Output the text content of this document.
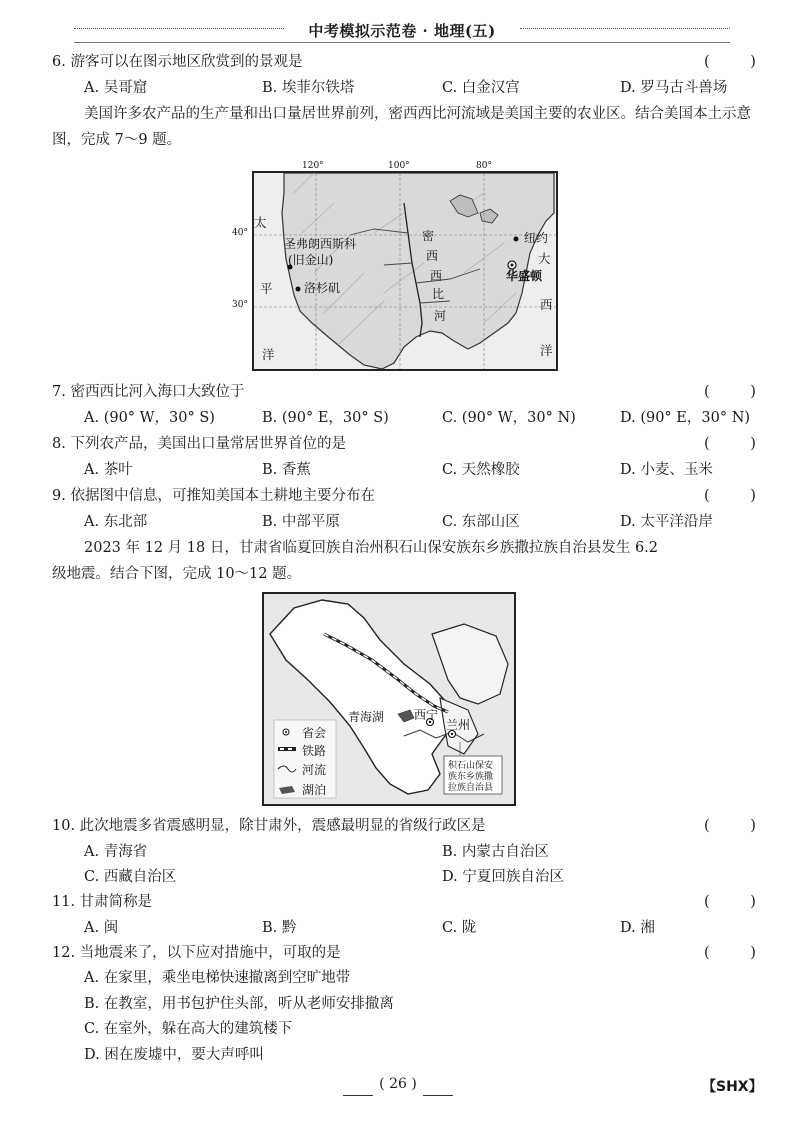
中考模拟示范卷 · 地理(五)
6. 游客可以在图示地区欣赏到的景观是	( )
A. 吴哥窟	B. 埃菲尔铁塔	C. 白金汉宫	D. 罗马古斗兽场
美国许多农产品的生产量和出口量居世界前列，密西西比河流域是美国主要的农业区。结合美国本土示意图，完成 7～9 题。
太
平
洋
大
西
洋
密
西
西
比
河
圣弗朗西斯科
(旧金山)
洛杉矶
纽约
华盛顿
120°	100°	80°
40°
30°
7. 密西西比河入海口大致位于	( )
A. (90° W，30° S)	B. (90° E，30° S)	C. (90° W，30° N)	D. (90° E，30° N)
8. 下列农产品，美国出口量常居世界首位的是	( )
A. 茶叶	B. 香蕉	C. 天然橡胶	D. 小麦、玉米
9. 依据图中信息，可推知美国本土耕地主要分布在	( )
A. 东北部	B. 中部平原	C. 东部山区	D. 太平洋沿岸
2023 年 12 月 18 日，甘肃省临夏回族自治州积石山保安族东乡族撒拉族自治县发生 6.2
级地震。结合下图，完成 10～12 题。
青海湖 西宁
兰州
积石山保安
族东乡族撒
拉族自治县
省会
铁路
河流
湖泊
10. 此次地震多省震感明显，除甘肃外，震感最明显的省级行政区是	( )
A. 青海省	B. 内蒙古自治区
C. 西藏自治区	D. 宁夏回族自治区
11. 甘肃简称是	( )
A. 闽	B. 黔	C. 陇	D. 湘
12. 当地震来了，以下应对措施中，可取的是	( )
A. 在家里，乘坐电梯快速撤离到空旷地带
B. 在教室，用书包护住头部，听从老师安排撤离
C. 在室外，躲在高大的建筑楼下
D. 困在废墟中，要大声呼叫
( 26 )	【SHX】
